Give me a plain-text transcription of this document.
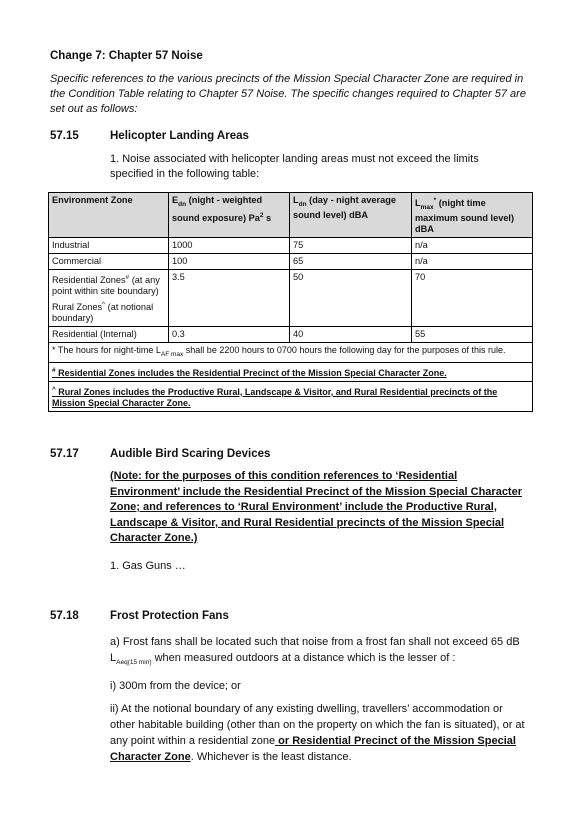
Change 7: Chapter 57 Noise
Specific references to the various precincts of the Mission Special Character Zone are required in the Condition Table relating to Chapter 57 Noise. The specific changes required to Chapter 57 are set out as follows:
57.15	Helicopter Landing Areas
1. Noise associated with helicopter landing areas must not exceed the limits specified in the following table:
Environment Zone	$E_{dn}$ (night - weighted sound exposure) Pa$^2$ s	$L_{dn}$ (day - night average sound level) dBA	$L_{max}^*$ (night time maximum sound level) dBA
Industrial	1000	75	n/a
Commercial	100	65	n/a

Residential Zones# (at any point within site boundary)
Rural Zones^ (at notional boundary)	3.5	50	70
Residential (Internal)	0.3	40	55
* The hours for night-time $L_{AF max}$ shall be 2200 hours to 0700 hours the following day for the purposes of this rule.			
# Residential Zones includes the Residential Precinct of the Mission Special Character Zone.			
^ Rural Zones includes the Productive Rural, Landscape & Visitor, and Rural Residential precincts of the Mission Special Character Zone.			
57.17	Audible Bird Scaring Devices
(Note: for the purposes of this condition references to ‘Residential Environment’ include the Residential Precinct of the Mission Special Character Zone; and references to ‘Rural Environment’ include the Productive Rural, Landscape & Visitor, and Rural Residential precincts of the Mission Special Character Zone.)
1. Gas Guns …
57.18	Frost Protection Fans
a) Frost fans shall be located such that noise from a frost fan shall not exceed 65 dB $L_{Aeq(15 min)}$ when measured outdoors at a distance which is the lesser of :
i) 300m from the device; or
ii) At the notional boundary of any existing dwelling, travellers’ accommodation or other habitable building (other than on the property on which the fan is situated), or at any point within a residential zone or Residential Precinct of the Mission Special Character Zone. Whichever is the least distance.
